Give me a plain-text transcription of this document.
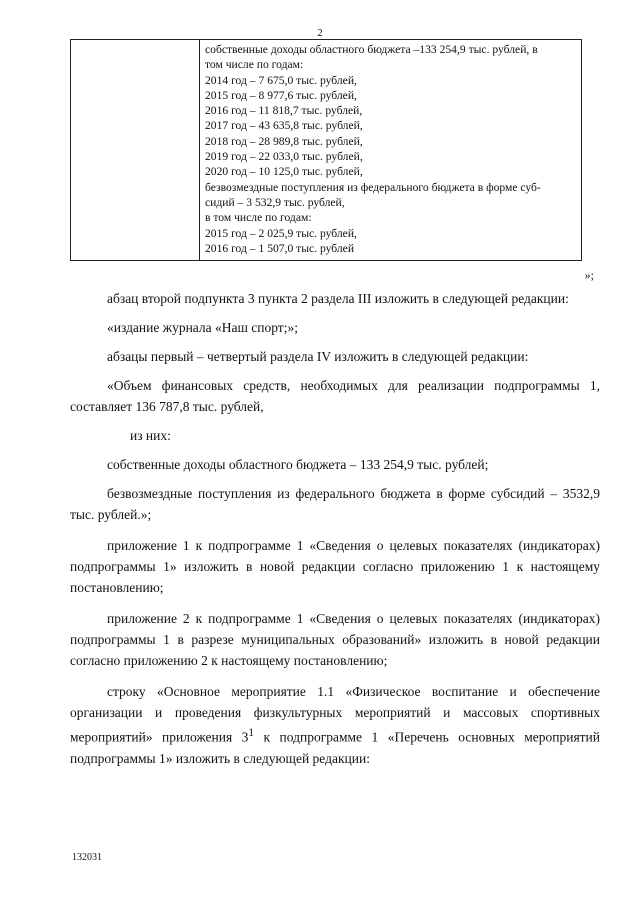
2
собственные доходы областного бюджета –133 254,9 тыс. рублей, в
том числе по годам:
2014 год – 7 675,0 тыс. рублей,
2015 год – 8 977,6 тыс. рублей,
2016 год – 11 818,7 тыс. рублей,
2017 год – 43 635,8 тыс. рублей,
2018 год – 28 989,8 тыс. рублей,
2019 год – 22 033,0 тыс. рублей,
2020 год – 10 125,0 тыс. рублей,
безвозмездные поступления из федерального бюджета в форме суб-
сидий – 3 532,9 тыс. рублей,
в том числе по годам:
2015 год – 2 025,9 тыс. рублей,
2016 год – 1 507,0 тыс. рублей
»;

абзац второй подпункта 3 пункта 2 раздела III изложить в следующей редакции:

«издание журнала «Наш спорт;»;

абзацы первый – четвертый раздела IV изложить в следующей редакции:

«Объем финансовых средств, необходимых для реализации подпрограммы 1, составляет 136 787,8 тыс. рублей,

из них:

собственные доходы областного бюджета – 133 254,9 тыс. рублей;

безвозмездные поступления из федерального бюджета в форме субсидий – 3532,9 тыс. рублей.»;

приложение 1 к подпрограмме 1 «Сведения о целевых показателях (индикаторах) подпрограммы 1» изложить в новой редакции согласно приложению 1 к настоящему постановлению;

приложение 2 к подпрограмме 1 «Сведения о целевых показателях (индикаторах) подпрограммы 1 в разрезе муниципальных образований» изложить в новой редакции согласно приложению 2 к настоящему постановлению;

строку «Основное мероприятие 1.1 «Физическое воспитание и обеспечение организации и проведения физкультурных мероприятий и массовых спортивных мероприятий» приложения $3^1$ к подпрограмме 1 «Перечень основных мероприятий подпрограммы 1» изложить в следующей редакции:

132031
